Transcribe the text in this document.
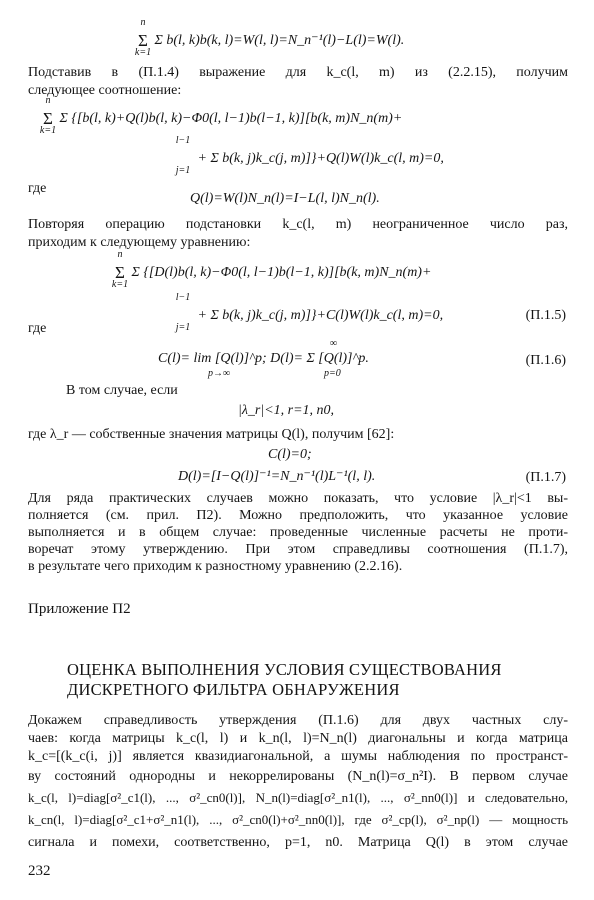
Σ
n
k=1
Σ b(l, k)b(k, l)=W(l, l)=N_n⁻¹(l)−L(l)=W(l).
Подставив в (П.1.4) выражение для k_c(l, m) из (2.2.15), получим
следующее соотношение:
Σ
n
k=1
Σ {[b(l, k)+Q(l)b(l, k)−Φ0(l, l−1)b(l−1, k)][b(k, m)N_n(m)+

l−1
j=1
+ Σ b(k, j)k_c(j, m)]}+Q(l)W(l)k_c(l, m)=0,
где
Q(l)=W(l)N_n(l)=I−L(l, l)N_n(l).
Повторяя операцию подстановки k_c(l, m) неограниченное число раз,
приходим к следующему уравнению:
Σ
n
k=1
Σ {[D(l)b(l, k)−Φ0(l, l−1)b(l−1, k)][b(k, m)N_n(m)+

l−1
j=1
+ Σ b(k, j)k_c(j, m)]}+C(l)W(l)k_c(l, m)=0,
где
(П.1.5)
C(l)= lim [Q(l)]^p; D(l)= Σ [Q(l)]^p.
p→∞
∞
p=0
(П.1.6)
В том случае, если
|λ_r|<1, r=1, n0,
где λ_r — собственные значения матрицы Q(l), получим [62]:
C(l)=0;
D(l)=[I−Q(l)]⁻¹=N_n⁻¹(l)L⁻¹(l, l).	(П.1.7)
Для ряда практических случаев можно показать, что условие |λ_r|<1 вы-
полняется (см. прил. П2). Можно предположить, что указанное условие
выполняется и в общем случае: проведенные численные расчеты не проти-
воречат этому утверждению. При этом справедливы соотношения (П.1.7),
в результате чего приходим к разностному уравнению (2.2.16).
Приложение П2
ОЦЕНКА ВЫПОЛНЕНИЯ УСЛОВИЯ СУЩЕСТВОВАНИЯ
ДИСКРЕТНОГО ФИЛЬТРА ОБНАРУЖЕНИЯ
Докажем справедливость утверждения (П.1.6) для двух частных слу-
чаев: когда матрицы k_c(l, l) и k_n(l, l)=N_n(l) диагональны и когда матрица
k_c=[(k_c(i, j)] является квазидиагональной, а шумы наблюдения по пространст-
ву состояний однородны и некоррелированы (N_n(l)=σ_n²I). В первом случае
k_c(l, l)=diag[σ²_c1(l), ..., σ²_cn0(l)], N_n(l)=diag[σ²_n1(l), ..., σ²_nn0(l)] и следовательно,
k_cn(l, l)=diag[σ²_c1+σ²_n1(l), ..., σ²_cn0(l)+σ²_nn0(l)], где σ²_cp(l), σ²_np(l) — мощность
сигнала и помехи, соответственно, p=1, n0. Матрица Q(l) в этом случае
232
